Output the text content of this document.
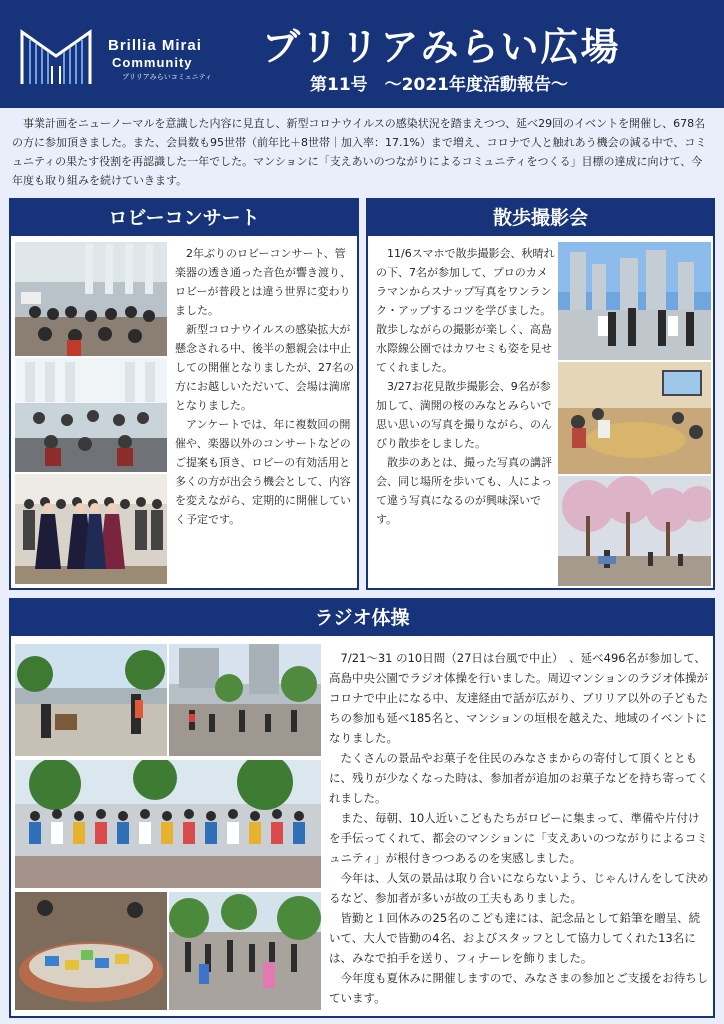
Brillia Mirai
Community
ブリリアみらいコミュニティ
ブリリアみらい広場
第11号　～2021年度活動報告～
事業計画をニューノーマルを意識した内容に見直し、新型コロナウイルスの感染状況を踏まえつつ、延べ29回のイベントを開催し、678名の方に参加頂きました。また、会員数も95世帯（前年比＋8世帯｜加入率：17.1%）まで増え、コロナで人と触れあう機会の減る中で、コミュニティの果たす役割を再認識した一年でした。マンションに「支えあいのつながりによるコミュニティをつくる」目標の達成に向けて、今年度も取り組みを続けていきます。
ロビーコンサート

2年ぶりのロビーコンサート、管楽器の透き通った音色が響き渡り、ロビーが普段とは違う世界に変わりました。

新型コロナウイルスの感染拡大が懸念される中、後半の懇親会は中止しての開催となりましたが、27名の方にお越しいただいて、会場は満席となりました。

アンケートでは、年に複数回の開催や、楽器以外のコンサートなどのご提案も頂き、ロビーの有効活用と多くの方が出会う機会として、内容を変えながら、定期的に開催していく予定です。

散歩撮影会

11/6スマホで散歩撮影会、秋晴れの下、7名が参加して、プロのカメラマンからスナップ写真をワンランク・アップするコツを学びました。散歩しながらの撮影が楽しく、高島水際線公園ではカワセミも姿を見せてくれました。

3/27お花見散歩撮影会、9名が参加して、満開の桜のみなとみらいで思い思いの写真を撮りながら、のんびり散歩をしました。

散歩のあとは、撮った写真の講評会、同じ場所を歩いても、人によって違う写真になるのが興味深いです。

ラジオ体操

7/21～31 の10日間（27日は台風で中止）　、延べ496名が参加して、高島中央公園でラジオ体操を行いました。周辺マンションのラジオ体操がコロナで中止になる中、友達経由で話が広がり、ブリリア以外の子どもたちの参加も延べ185名と、マンションの垣根を越えた、地域のイベントになりました。

たくさんの景品やお菓子を住民のみなさまからの寄付して頂くとともに、残りが少なくなった時は、参加者が追加のお菓子などを持ち寄ってくれました。

また、毎朝、10人近いこどもたちがロビーに集まって、準備や片付けを手伝ってくれて、都会のマンションに「支えあいのつながりによるコミュニティ」が根付きつつあるのを実感しました。

今年は、人気の景品は取り合いにならないよう、じゃんけんをして決めるなど、参加者が多いが故の工夫もありました。

皆勤と１回休みの25名のこども達には、記念品として鉛筆を贈呈、続いて、大人で皆勤の4名、およびスタッフとして協力してくれた13名には、みなで拍手を送り、フィナーレを飾りました。

今年度も夏休みに開催しますので、みなさまの参加とご支援をお待ちしています。
